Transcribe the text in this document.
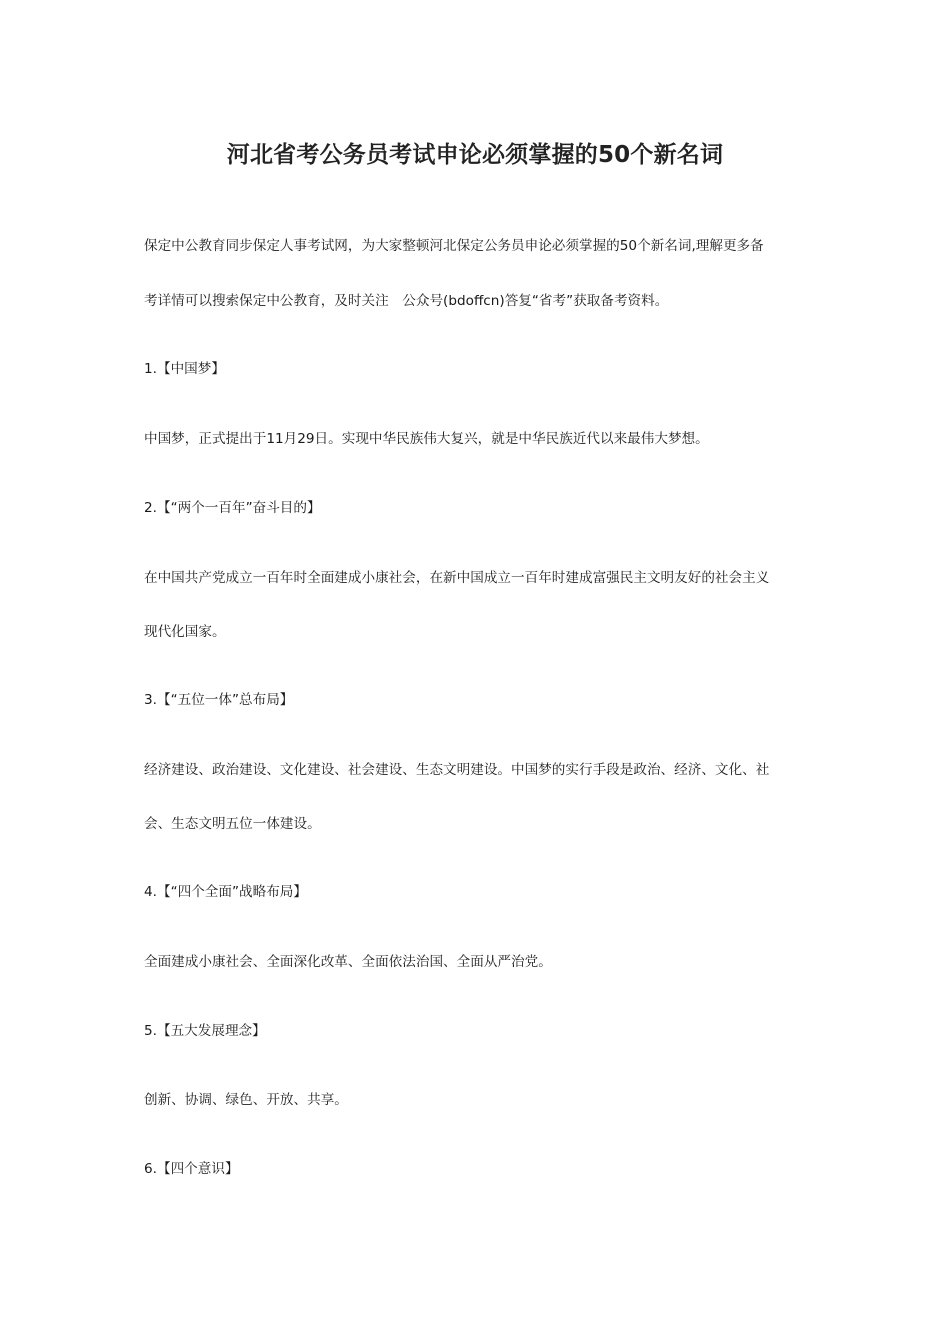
河北省考公务员考试申论必须掌握的50个新名词
保定中公教育同步保定人事考试网，为大家整顿河北保定公务员申论必须掌握的50个新名词,理解更多备
考详情可以搜索保定中公教育，及时关注　公众号(bdoffcn)答复“省考”获取备考资料。
1.【中国梦】
中国梦，正式提出于11月29日。实现中华民族伟大复兴，就是中华民族近代以来最伟大梦想。
2.【“两个一百年”奋斗目的】
在中国共产党成立一百年时全面建成小康社会，在新中国成立一百年时建成富强民主文明友好的社会主义
现代化国家。
3.【“五位一体”总布局】
经济建设、政治建设、文化建设、社会建设、生态文明建设。中国梦的实行手段是政治、经济、文化、社
会、生态文明五位一体建设。
4.【“四个全面”战略布局】
全面建成小康社会、全面深化改革、全面依法治国、全面从严治党。
5.【五大发展理念】
创新、协调、绿色、开放、共享。
6.【四个意识】
